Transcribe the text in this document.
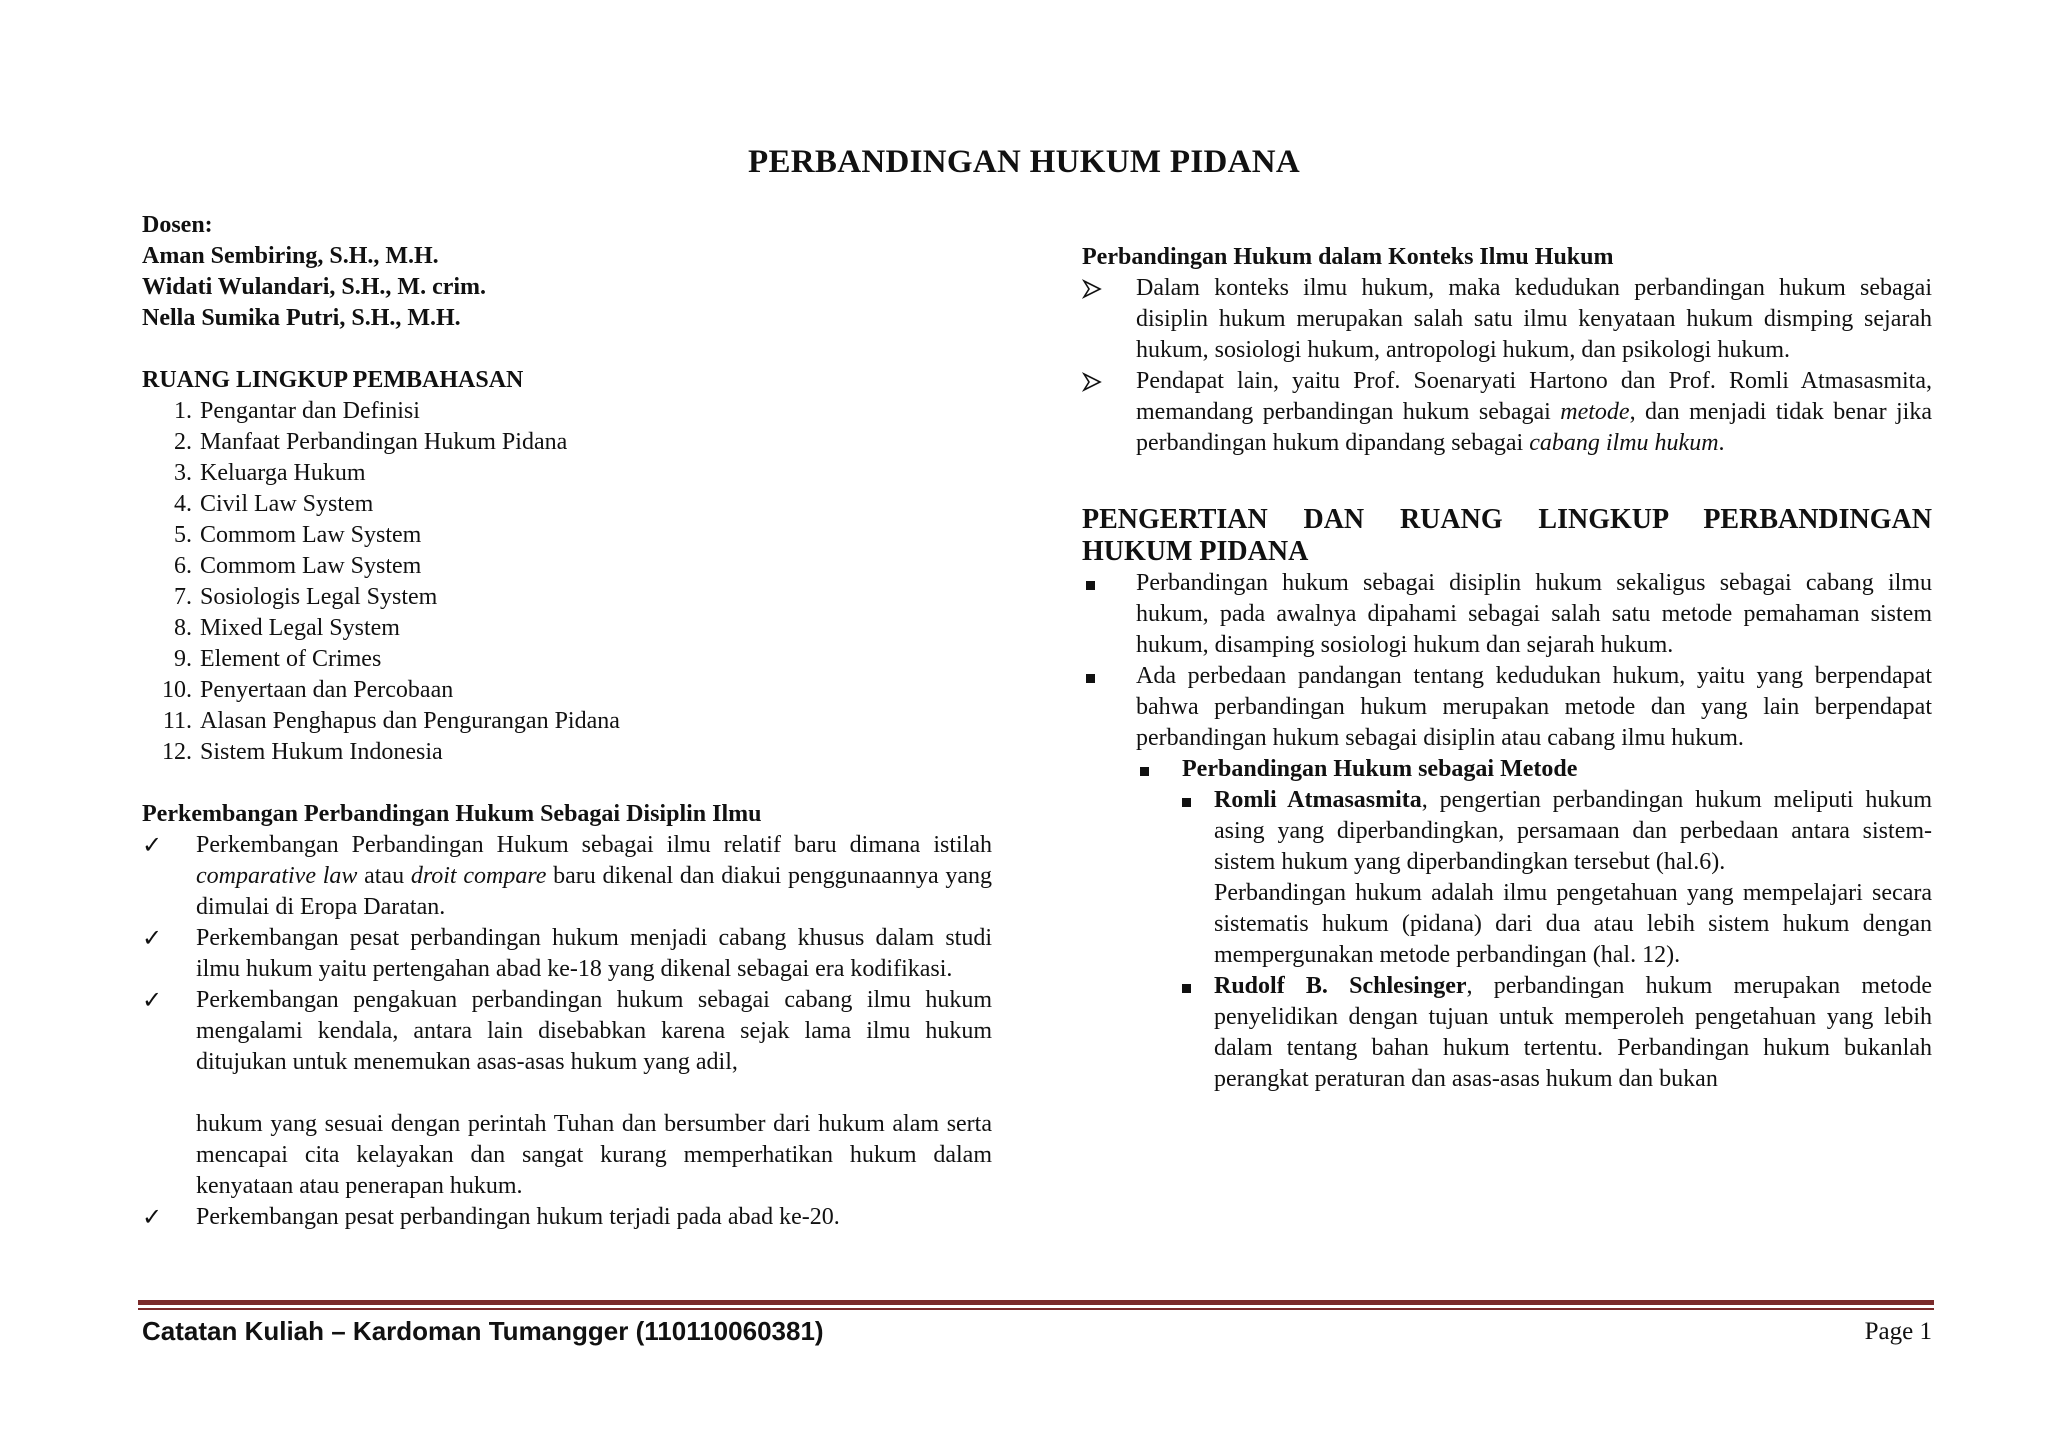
PERBANDINGAN HUKUM PIDANA
Dosen:
Aman Sembiring, S.H., M.H.
Widati Wulandari, S.H., M. crim.
Nella Sumika Putri, S.H., M.H.
RUANG LINGKUP PEMBAHASAN
1. Pengantar dan Definisi
2. Manfaat Perbandingan Hukum Pidana
3. Keluarga Hukum
4. Civil Law System
5. Commom Law System
6. Commom Law System
7. Sosiologis Legal System
8. Mixed Legal System
9. Element of Crimes
10. Penyertaan dan Percobaan
11. Alasan Penghapus dan Pengurangan Pidana
12. Sistem Hukum Indonesia
Perkembangan Perbandingan Hukum Sebagai Disiplin Ilmu
✓	Perkembangan Perbandingan Hukum sebagai ilmu relatif baru dimana istilah comparative law atau droit compare baru dikenal dan diakui penggunaannya yang dimulai di Eropa Daratan.
✓	Perkembangan pesat perbandingan hukum menjadi cabang khusus dalam studi ilmu hukum yaitu pertengahan abad ke-18 yang dikenal sebagai era kodifikasi.
✓	Perkembangan pengakuan perbandingan hukum sebagai cabang ilmu hukum mengalami kendala, antara lain disebabkan karena sejak lama ilmu hukum ditujukan untuk menemukan asas-asas hukum yang adil,
hukum yang sesuai dengan perintah Tuhan dan bersumber dari hukum alam serta mencapai cita kelayakan dan sangat kurang memperhatikan hukum dalam kenyataan atau penerapan hukum.
✓	Perkembangan pesat perbandingan hukum terjadi pada abad ke-20.
Perbandingan Hukum dalam Konteks Ilmu Hukum
Dalam konteks ilmu hukum, maka kedudukan perbandingan hukum sebagai disiplin hukum merupakan salah satu ilmu kenyataan hukum dismping sejarah hukum, sosiologi hukum, antropologi hukum, dan psikologi hukum.
Pendapat lain, yaitu Prof. Soenaryati Hartono dan Prof. Romli Atmasasmita, memandang perbandingan hukum sebagai metode, dan menjadi tidak benar jika perbandingan hukum dipandang sebagai cabang ilmu hukum.
PENGERTIAN DAN RUANG LINGKUP PERBANDINGAN HUKUM PIDANA
Perbandingan hukum sebagai disiplin hukum sekaligus sebagai cabang ilmu hukum, pada awalnya dipahami sebagai salah satu metode pemahaman sistem hukum, disamping sosiologi hukum dan sejarah hukum.
Ada perbedaan pandangan tentang kedudukan hukum, yaitu yang berpendapat bahwa perbandingan hukum merupakan metode dan yang lain berpendapat perbandingan hukum sebagai disiplin atau cabang ilmu hukum.
Perbandingan Hukum sebagai Metode
Romli Atmasasmita, pengertian perbandingan hukum meliputi hukum asing yang diperbandingkan, persamaan dan perbedaan antara sistem-sistem hukum yang diperbandingkan tersebut (hal.6).
Perbandingan hukum adalah ilmu pengetahuan yang mempelajari secara sistematis hukum (pidana) dari dua atau lebih sistem hukum dengan mempergunakan metode perbandingan (hal. 12).
Rudolf B. Schlesinger, perbandingan hukum merupakan metode penyelidikan dengan tujuan untuk memperoleh pengetahuan yang lebih dalam tentang bahan hukum tertentu. Perbandingan hukum bukanlah perangkat peraturan dan asas-asas hukum dan bukan
Catatan Kuliah – Kardoman Tumangger (110110060381)	Page 1
